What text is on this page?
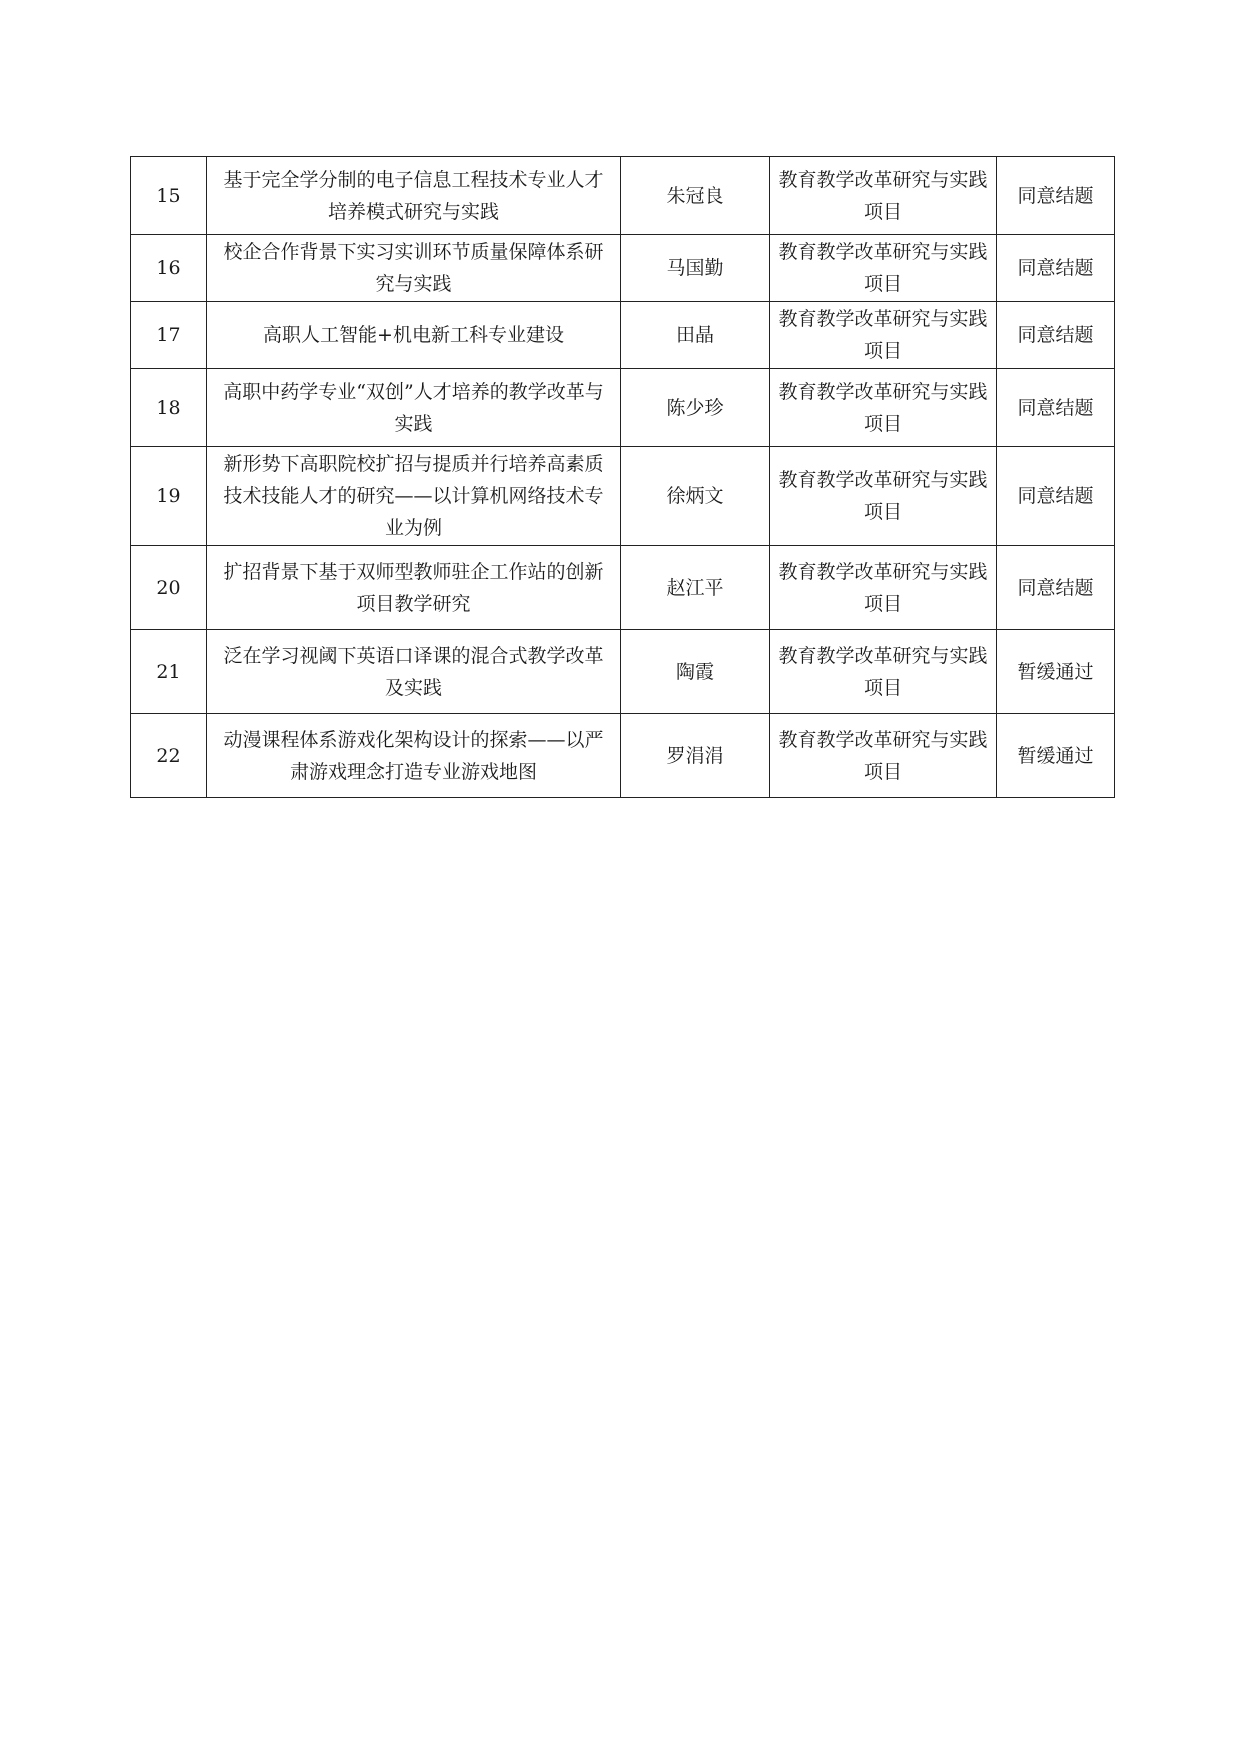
15	基于完全学分制的电子信息工程技术专业人才培养模式研究与实践	朱冠良	教育教学改革研究与实践项目	同意结题
16	校企合作背景下实习实训环节质量保障体系研究与实践	马国勤	教育教学改革研究与实践项目	同意结题
17	高职人工智能+机电新工科专业建设	田晶	教育教学改革研究与实践项目	同意结题
18	高职中药学专业“双创”人才培养的教学改革与实践	陈少珍	教育教学改革研究与实践项目	同意结题
19	新形势下高职院校扩招与提质并行培养高素质技术技能人才的研究——以计算机网络技术专业为例	徐炳文	教育教学改革研究与实践项目	同意结题
20	扩招背景下基于双师型教师驻企工作站的创新项目教学研究	赵江平	教育教学改革研究与实践项目	同意结题
21	泛在学习视阈下英语口译课的混合式教学改革及实践	陶霞	教育教学改革研究与实践项目	暂缓通过
22	动漫课程体系游戏化架构设计的探索——以严肃游戏理念打造专业游戏地图	罗涓涓	教育教学改革研究与实践项目	暂缓通过
